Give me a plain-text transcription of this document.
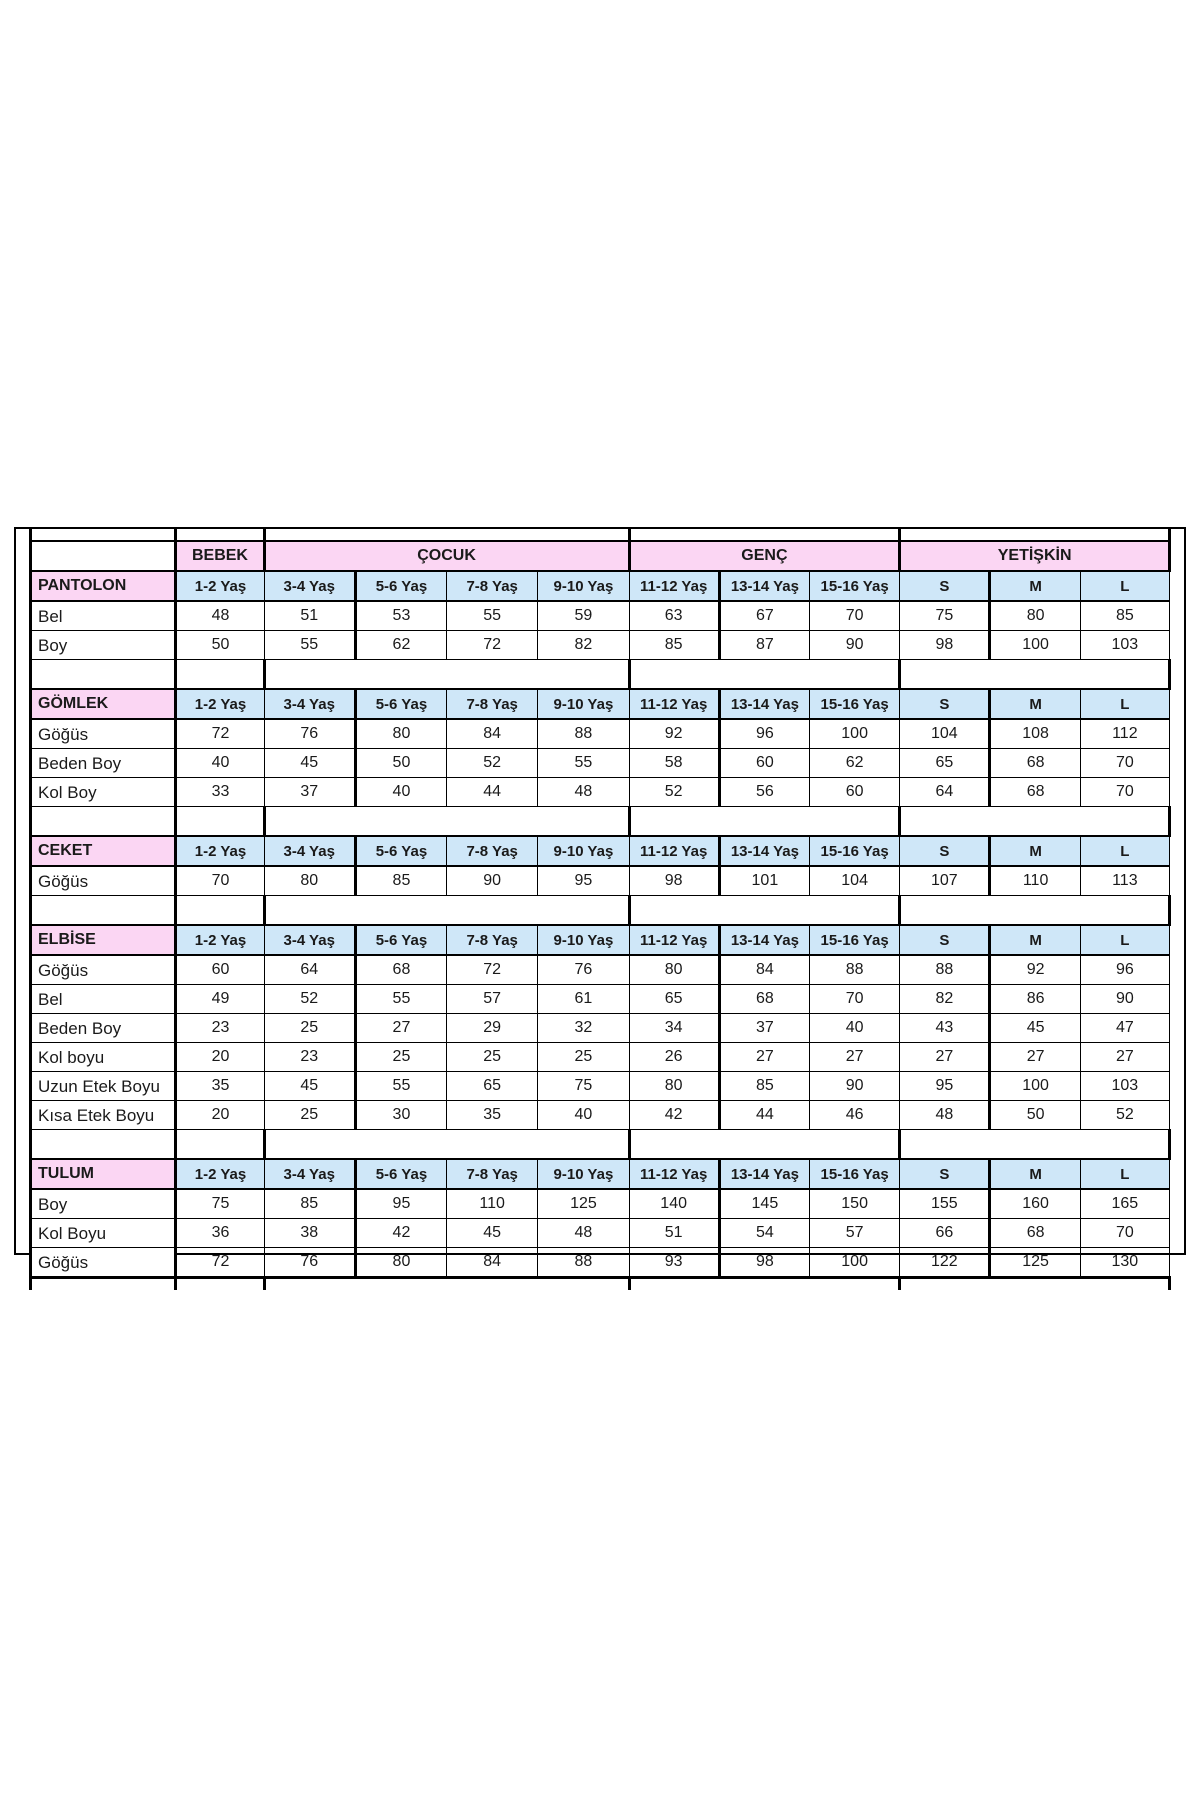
	BEBEK	ÇOCUK				GENÇ			YETİŞKİN		
PANTOLON	1-2 Yaş	3-4 Yaş	5-6 Yaş	7-8 Yaş	9-10 Yaş	11-12 Yaş	13-14 Yaş	15-16 Yaş	S	M	L
Bel	48	51	53	55	59	63	67	70	75	80	85
Boy	50	55	62	72	82	85	87	90	98	100	103

GÖMLEK	1-2 Yaş	3-4 Yaş	5-6 Yaş	7-8 Yaş	9-10 Yaş	11-12 Yaş	13-14 Yaş	15-16 Yaş	S	M	L
Göğüs	72	76	80	84	88	92	96	100	104	108	112
Beden Boy	40	45	50	52	55	58	60	62	65	68	70
Kol Boy	33	37	40	44	48	52	56	60	64	68	70

CEKET	1-2 Yaş	3-4 Yaş	5-6 Yaş	7-8 Yaş	9-10 Yaş	11-12 Yaş	13-14 Yaş	15-16 Yaş	S	M	L
Göğüs	70	80	85	90	95	98	101	104	107	110	113

ELBİSE	1-2 Yaş	3-4 Yaş	5-6 Yaş	7-8 Yaş	9-10 Yaş	11-12 Yaş	13-14 Yaş	15-16 Yaş	S	M	L
Göğüs	60	64	68	72	76	80	84	88	88	92	96
Bel	49	52	55	57	61	65	68	70	82	86	90
Beden Boy	23	25	27	29	32	34	37	40	43	45	47
Kol boyu	20	23	25	25	25	26	27	27	27	27	27
Uzun Etek Boyu	35	45	55	65	75	80	85	90	95	100	103
Kısa Etek Boyu	20	25	30	35	40	42	44	46	48	50	52

TULUM	1-2 Yaş	3-4 Yaş	5-6 Yaş	7-8 Yaş	9-10 Yaş	11-12 Yaş	13-14 Yaş	15-16 Yaş	S	M	L
Boy	75	85	95	110	125	140	145	150	155	160	165
Kol Boyu	36	38	42	45	48	51	54	57	66	68	70
Göğüs	72	76	80	84	88	93	98	100	122	125	130
